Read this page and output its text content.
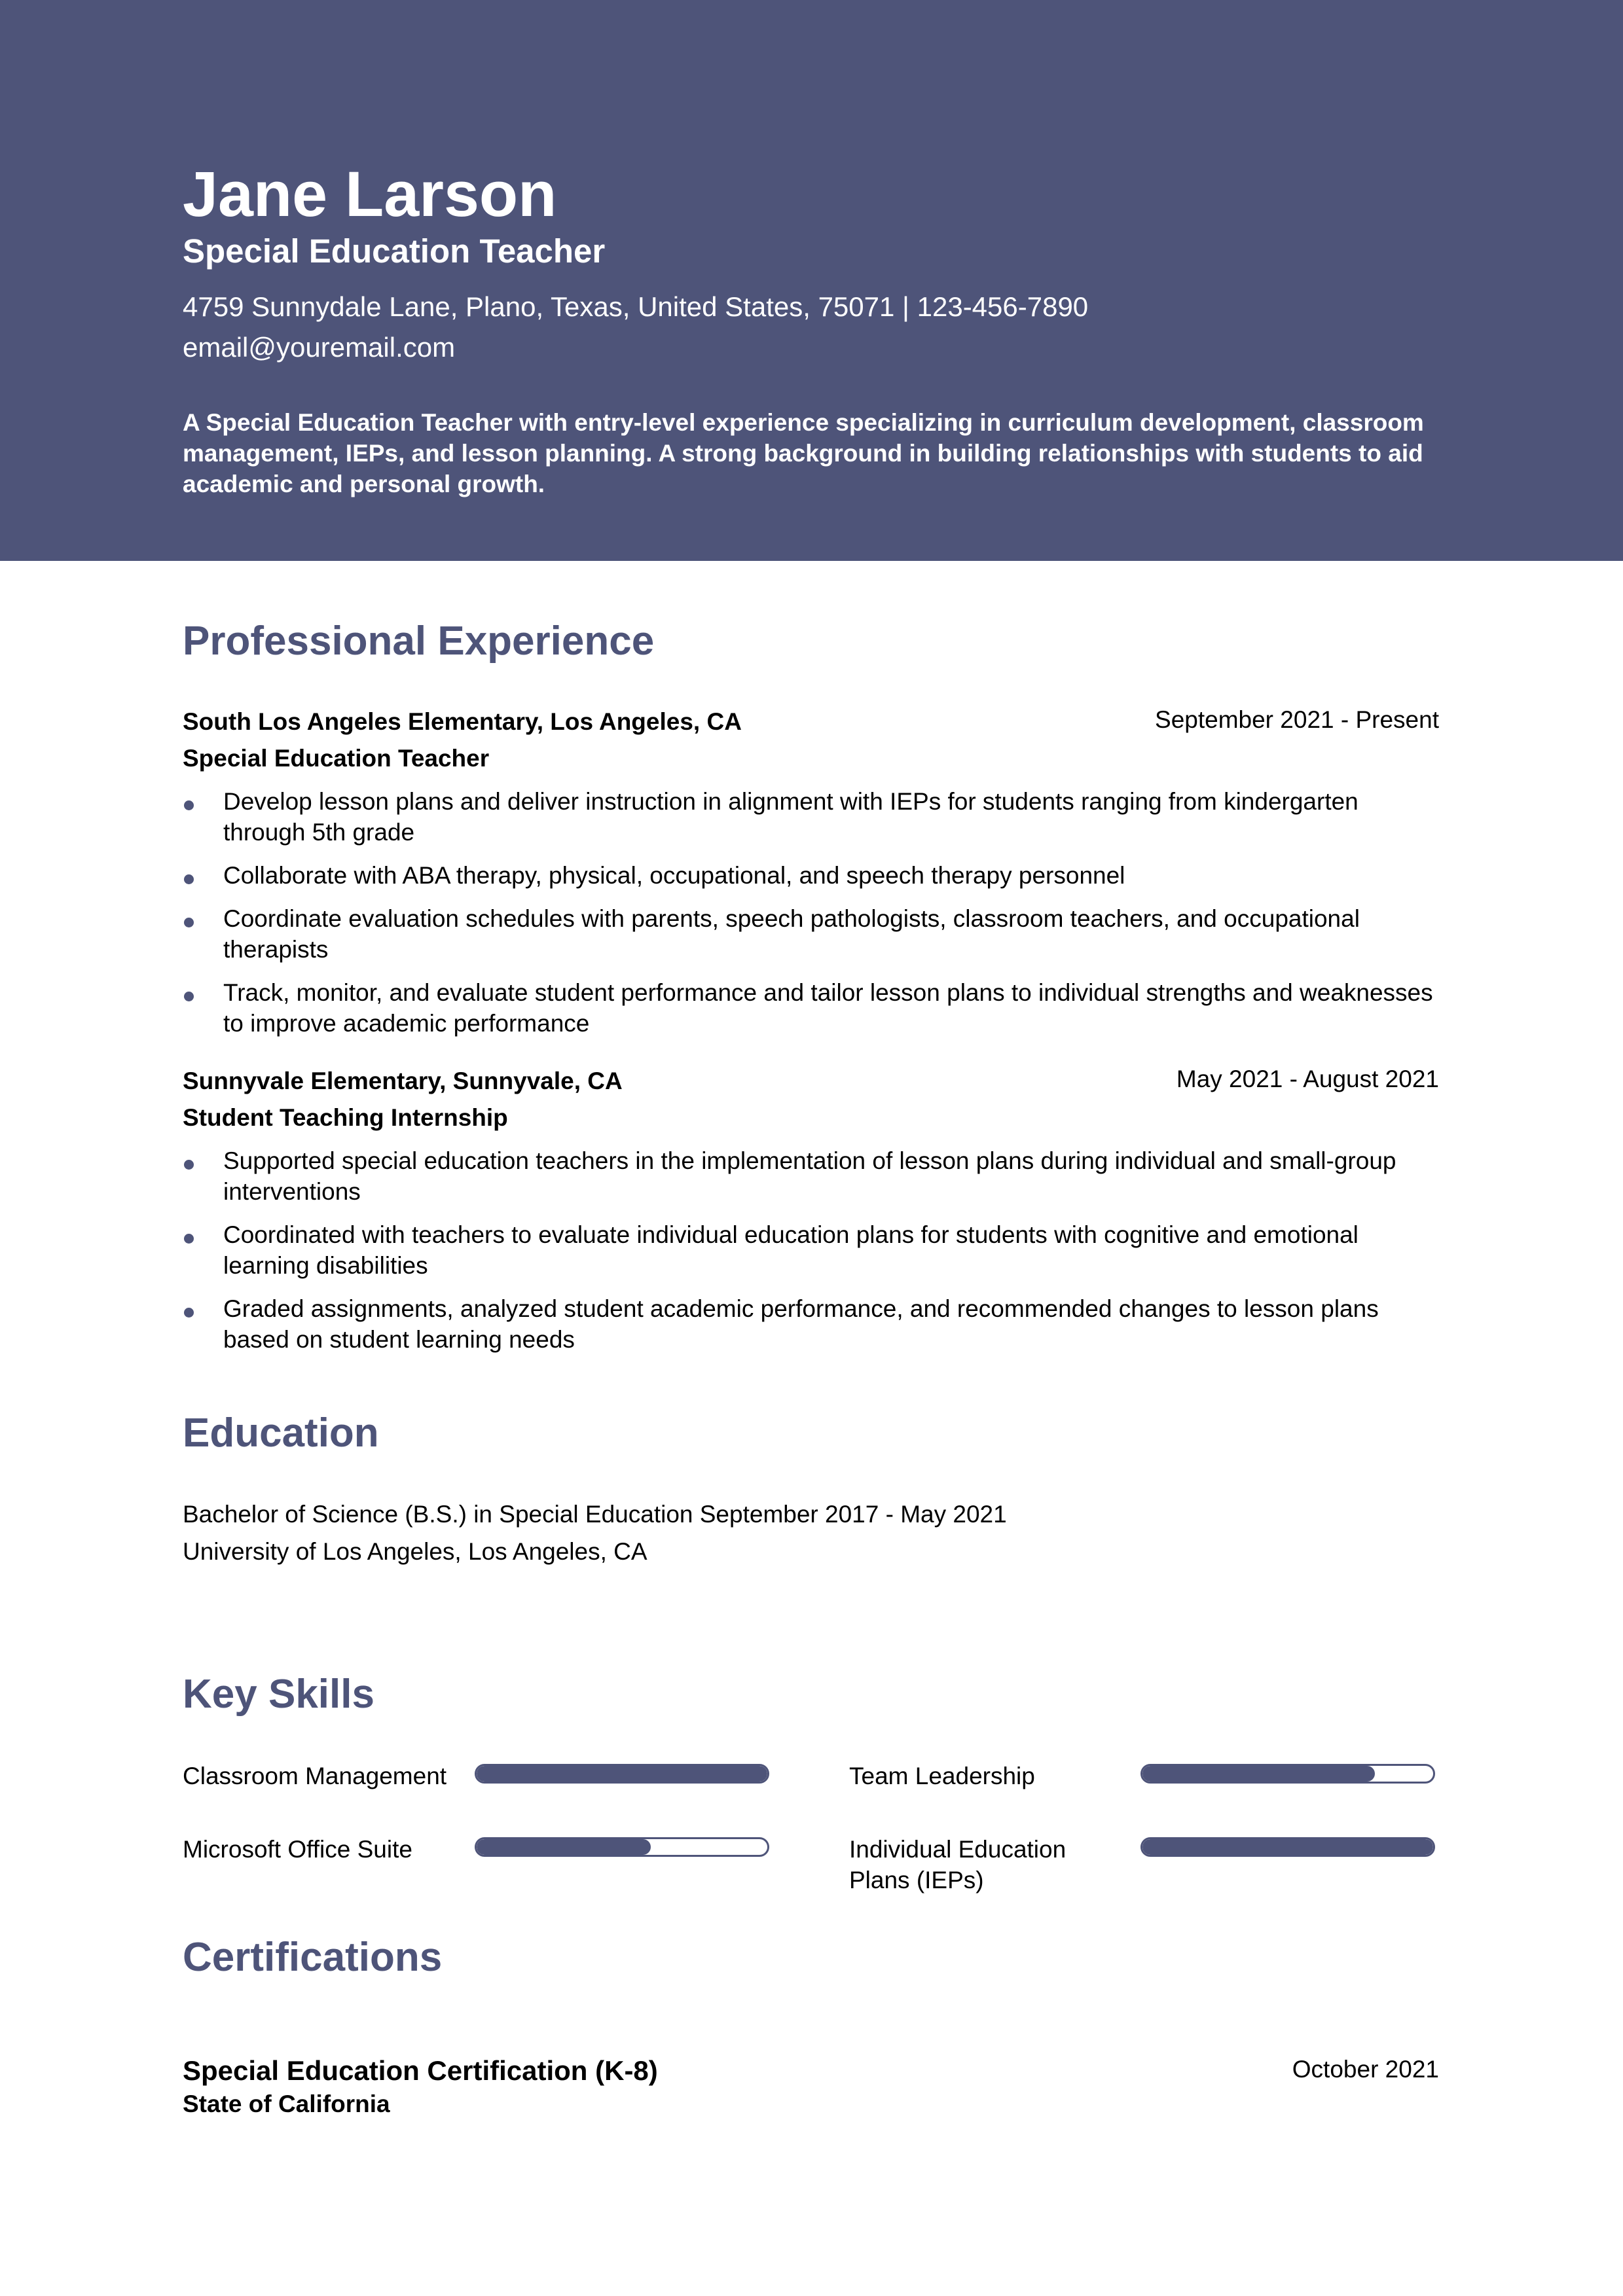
Jane Larson
Special Education Teacher
4759 Sunnydale Lane, Plano, Texas, United States, 75071 | 123-456-7890
email@youremail.com

A Special Education Teacher with entry-level experience specializing in curriculum development, classroom management, IEPs, and lesson planning. A strong background in building relationships with students to aid academic and personal growth.

Professional Experience

South Los Angeles Elementary, Los Angeles, CA	September 2021 - Present

Special Education Teacher

Develop lesson plans and deliver instruction in alignment with IEPs for students ranging from kindergarten through 5th grade
Collaborate with ABA therapy, physical, occupational, and speech therapy personnel
Coordinate evaluation schedules with parents, speech pathologists, classroom teachers, and occupational therapists
Track, monitor, and evaluate student performance and tailor lesson plans to individual strengths and weaknesses to improve academic performance

Sunnyvale Elementary, Sunnyvale, CA	May 2021 - August 2021

Student Teaching Internship

Supported special education teachers in the implementation of lesson plans during individual and small-group interventions
Coordinated with teachers to evaluate individual education plans for students with cognitive and emotional learning disabilities
Graded assignments, analyzed student academic performance, and recommended changes to lesson plans based on student learning needs
Education

Bachelor of Science (B.S.) in Special Education September 2017 - May 2021

University of Los Angeles, Los Angeles, CA

Key Skills
Classroom Management	Team Leadership
Microsoft Office Suite	Individual Education Plans (IEPs)
Certifications

Special Education Certification (K-8)	October 2021

State of California
